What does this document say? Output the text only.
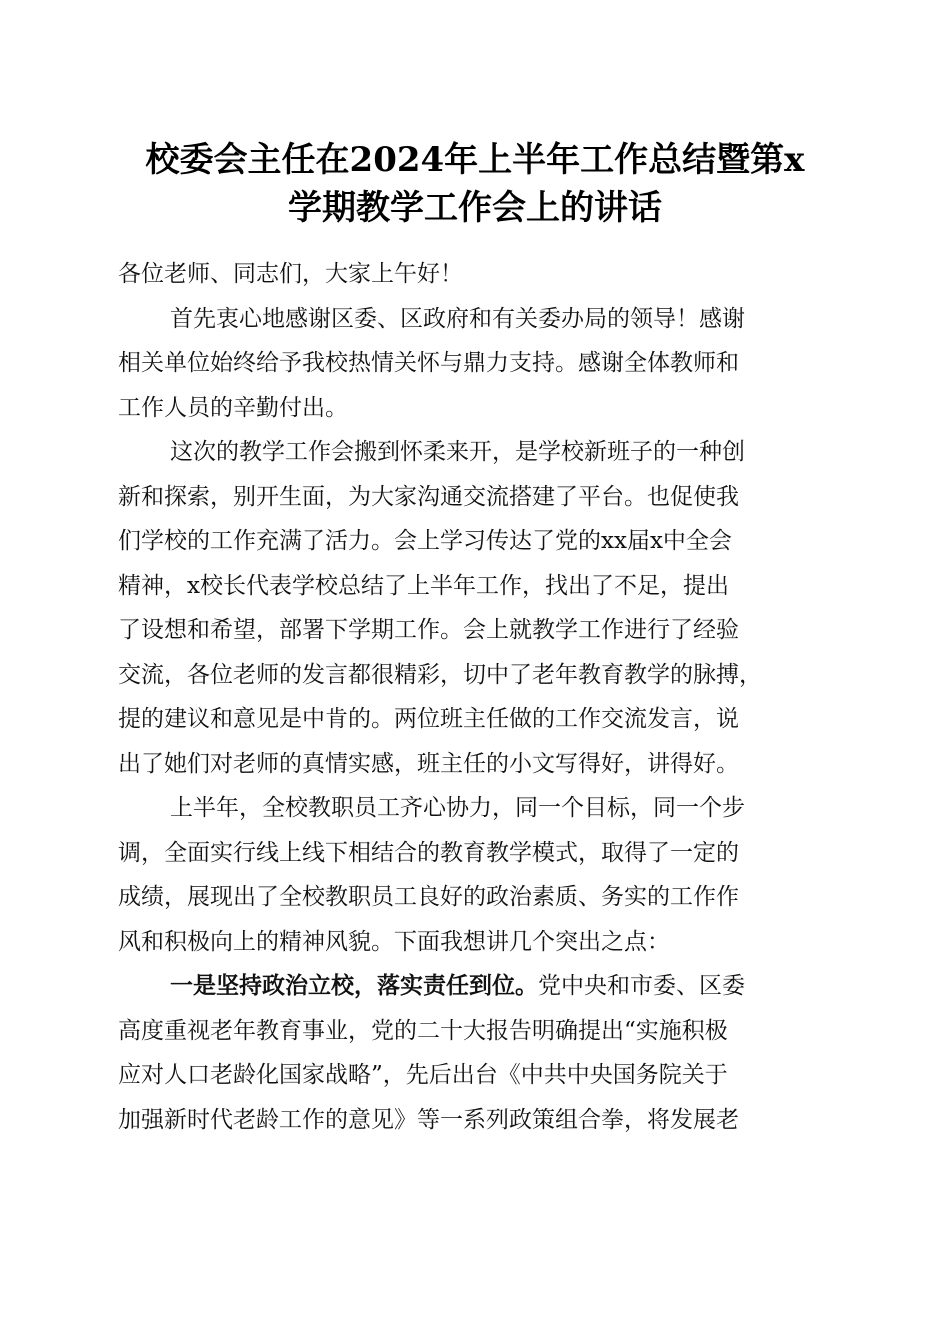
校委会主任在2024年上半年工作总结暨第x
学期教学工作会上的讲话
各位老师、同志们，大家上午好！
首先衷心地感谢区委、区政府和有关委办局的领导！感谢
相关单位始终给予我校热情关怀与鼎力支持。感谢全体教师和
工作人员的辛勤付出。
这次的教学工作会搬到怀柔来开，是学校新班子的一种创
新和探索，别开生面，为大家沟通交流搭建了平台。也促使我
们学校的工作充满了活力。会上学习传达了党的xx届x中全会
精神，x校长代表学校总结了上半年工作，找出了不足，提出
了设想和希望，部署下学期工作。会上就教学工作进行了经验
交流，各位老师的发言都很精彩，切中了老年教育教学的脉搏，
提的建议和意见是中肯的。两位班主任做的工作交流发言，说
出了她们对老师的真情实感，班主任的小文写得好，讲得好。
上半年，全校教职员工齐心协力，同一个目标，同一个步
调，全面实行线上线下相结合的教育教学模式，取得了一定的
成绩，展现出了全校教职员工良好的政治素质、务实的工作作
风和积极向上的精神风貌。下面我想讲几个突出之点：
一是坚持政治立校，落实责任到位。党中央和市委、区委
高度重视老年教育事业，党的二十大报告明确提出“实施积极
应对人口老龄化国家战略”，先后出台《中共中央国务院关于
加强新时代老龄工作的意见》等一系列政策组合拳，将发展老
